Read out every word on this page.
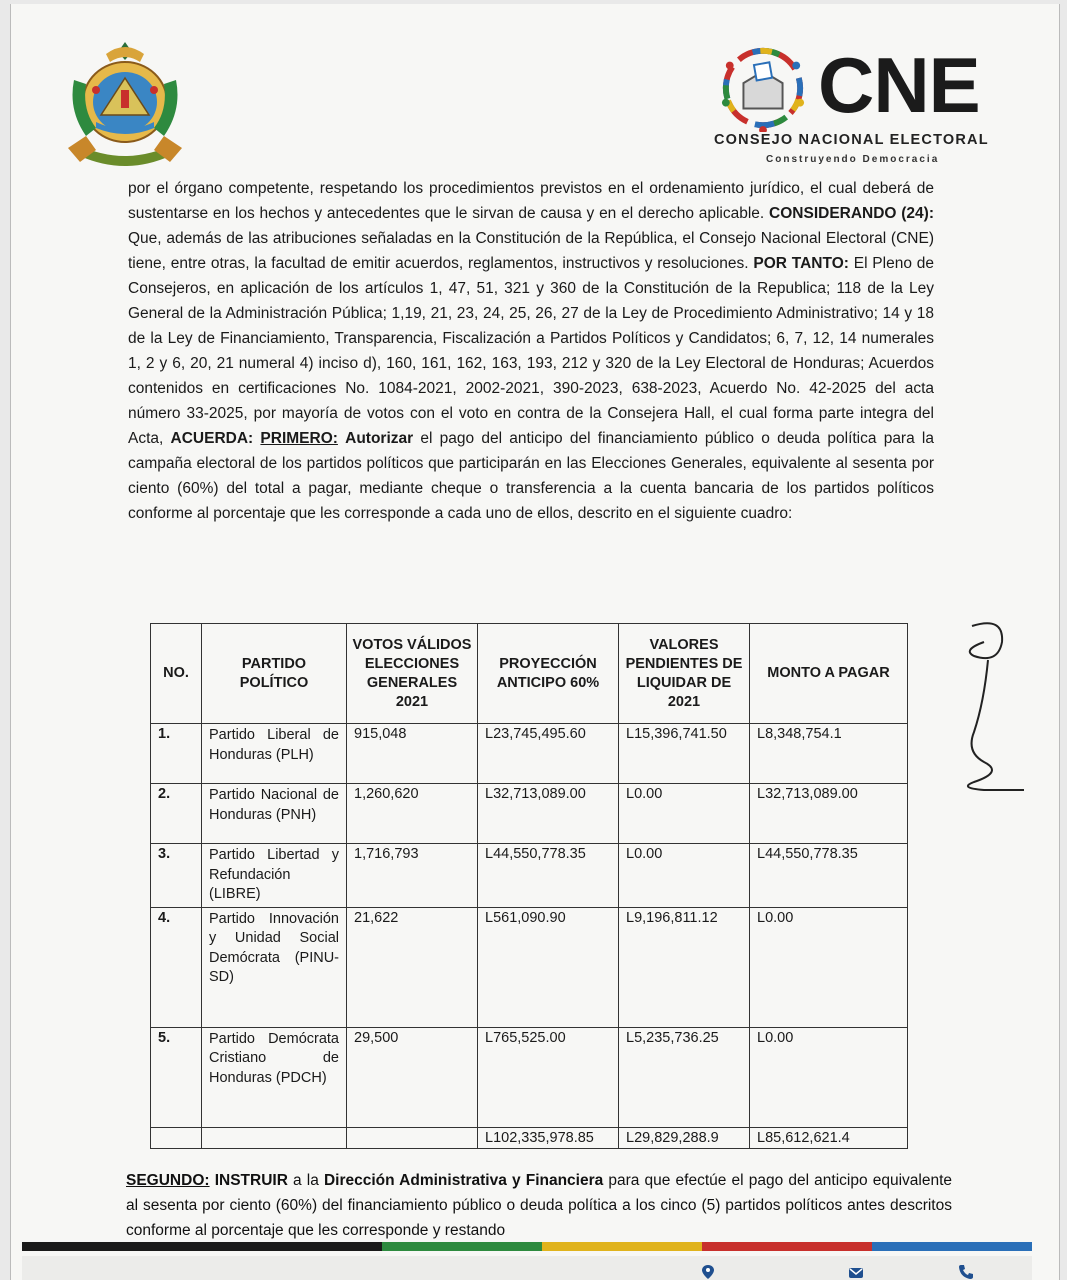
CNE
CONSEJO NACIONAL ELECTORAL
Construyendo Democracia

por el órgano competente, respetando los procedimientos previstos en el ordenamiento jurídico, el cual deberá de sustentarse en los hechos y antecedentes que le sirvan de causa y en el derecho aplicable. CONSIDERANDO (24): Que, además de las atribuciones señaladas en la Constitución de la República, el Consejo Nacional Electoral (CNE) tiene, entre otras, la facultad de emitir acuerdos, reglamentos, instructivos y resoluciones. POR TANTO: El Pleno de Consejeros, en aplicación de los artículos 1, 47, 51, 321 y 360 de la Constitución de la Republica; 118 de la Ley General de la Administración Pública; 1,19, 21, 23, 24, 25, 26, 27 de la Ley de Procedimiento Administrativo; 14 y 18 de la Ley de Financiamiento, Transparencia, Fiscalización a Partidos Políticos y Candidatos; 6, 7, 12, 14 numerales 1, 2 y 6, 20, 21 numeral 4) inciso d), 160, 161, 162, 163, 193, 212 y 320 de la Ley Electoral de Honduras; Acuerdos contenidos en certificaciones No. 1084-2021, 2002-2021, 390-2023, 638-2023, Acuerdo No. 42-2025 del acta número 33-2025, por mayoría de votos con el voto en contra de la Consejera Hall, el cual forma parte integra del Acta, ACUERDA: PRIMERO: Autorizar el pago del anticipo del financiamiento público o deuda política para la campaña electoral de los partidos políticos que participarán en las Elecciones Generales, equivalente al sesenta por ciento (60%) del total a pagar, mediante cheque o transferencia a la cuenta bancaria de los partidos políticos conforme al porcentaje que les corresponde a cada uno de ellos, descrito en el siguiente cuadro:

NO.	PARTIDO POLÍTICO	VOTOS VÁLIDOS ELECCIONES GENERALES 2021	PROYECCIÓN ANTICIPO 60%	VALORES PENDIENTES DE LIQUIDAR DE 2021	MONTO A PAGAR
1.	Partido Liberal de Honduras (PLH)	915,048	L23,745,495.60	L15,396,741.50	L8,348,754.1
2.	Partido Nacional de Honduras (PNH)	1,260,620	L32,713,089.00	L0.00	L32,713,089.00
3.	Partido Libertad y Refundación (LIBRE)	1,716,793	L44,550,778.35	L0.00	L44,550,778.35
4.	Partido Innovación y Unidad Social Demócrata (PINU-SD)	21,622	L561,090.90	L9,196,811.12	L0.00
5.	Partido Demócrata Cristiano de Honduras (PDCH)	29,500	L765,525.00	L5,235,736.25	L0.00
			L102,335,978.85	L29,829,288.9	L85,612,621.4
SEGUNDO: INSTRUIR a la Dirección Administrativa y Financiera para que efectúe el pago del anticipo equivalente al sesenta por ciento (60%) del financiamiento público o deuda política a los cinco (5) partidos políticos antes descritos conforme al porcentaje que les corresponde y restando
